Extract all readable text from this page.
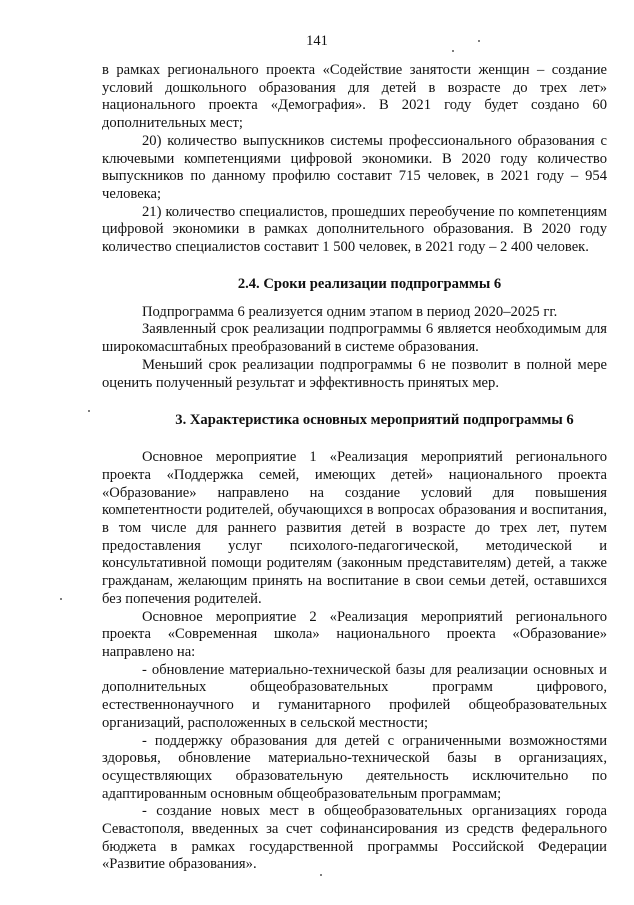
141

в рамках регионального проекта «Содействие занятости женщин – создание условий дошкольного образования для детей в возрасте до трех лет» национального проекта «Демография». В 2021 году будет создано 60 дополнительных мест;

20) количество выпускников системы профессионального образования с ключевыми компетенциями цифровой экономики. В 2020 году количество выпускников по данному профилю составит 715 человек, в 2021 году – 954 человека;

21) количество специалистов, прошедших переобучение по компетенциям цифровой экономики в рамках дополнительного образования. В 2020 году количество специалистов составит 1 500 человек, в 2021 году – 2 400 человек.

2.4. Сроки реализации подпрограммы 6

Подпрограмма 6 реализуется одним этапом в период 2020–2025 гг.

Заявленный срок реализации подпрограммы 6 является необходимым для широкомасштабных преобразований в системе образования.

Меньший срок реализации подпрограммы 6 не позволит в полной мере оценить полученный результат и эффективность принятых мер.

3. Характеристика основных мероприятий подпрограммы 6

Основное мероприятие 1 «Реализация мероприятий регионального проекта «Поддержка семей, имеющих детей» национального проекта «Образование» направлено на создание условий для повышения компетентности родителей, обучающихся в вопросах образования и воспитания, в том числе для раннего развития детей в возрасте до трех лет, путем предоставления услуг психолого-педагогической, методической и консультативной помощи родителям (законным представителям) детей, а также гражданам, желающим принять на воспитание в свои семьи детей, оставшихся без попечения родителей.

Основное мероприятие 2 «Реализация мероприятий регионального проекта «Современная школа» национального проекта «Образование» направлено на:

- обновление материально-технической базы для реализации основных и дополнительных общеобразовательных программ цифрового, естественнонаучного и гуманитарного профилей общеобразовательных организаций, расположенных в сельской местности;

- поддержку образования для детей с ограниченными возможностями здоровья, обновление материально-технической базы в организациях, осуществляющих образовательную деятельность исключительно по адаптированным основным общеобразовательным программам;

- создание новых мест в общеобразовательных организациях города Севастополя, введенных за счет софинансирования из средств федерального бюджета в рамках государственной программы Российской Федерации «Развитие образования».
